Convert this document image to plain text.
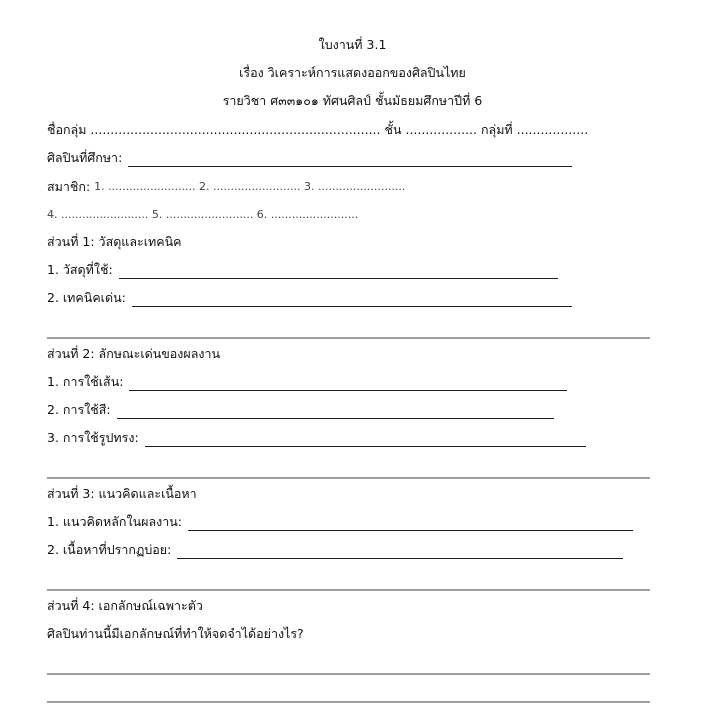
ใบงานที่ 3.1
เรื่อง วิเคราะห์การแสดงออกของศิลปินไทย
รายวิชา ศ๓๓๑๐๑ ทัศนศิลป์ ชั้นมัธยมศึกษาปีที่ 6
ชื่อกลุ่ม ......................................................................... ชั้น .................. กลุ่มที่ ..................
ศิลปินที่ศึกษา:
สมาชิก:
1. ......................... 2. ......................... 3. .........................
4. ......................... 5. ......................... 6. .........................
ส่วนที่ 1: วัสดุและเทคนิค
1. วัสดุที่ใช้:
2. เทคนิคเด่น:
ส่วนที่ 2: ลักษณะเด่นของผลงาน
1. การใช้เส้น:
2. การใช้สี:
3. การใช้รูปทรง:
ส่วนที่ 3: แนวคิดและเนื้อหา
1. แนวคิดหลักในผลงาน:
2. เนื้อหาที่ปรากฏบ่อย:
ส่วนที่ 4: เอกลักษณ์เฉพาะตัว
ศิลปินท่านนี้มีเอกลักษณ์ที่ทำให้จดจำได้อย่างไร?
